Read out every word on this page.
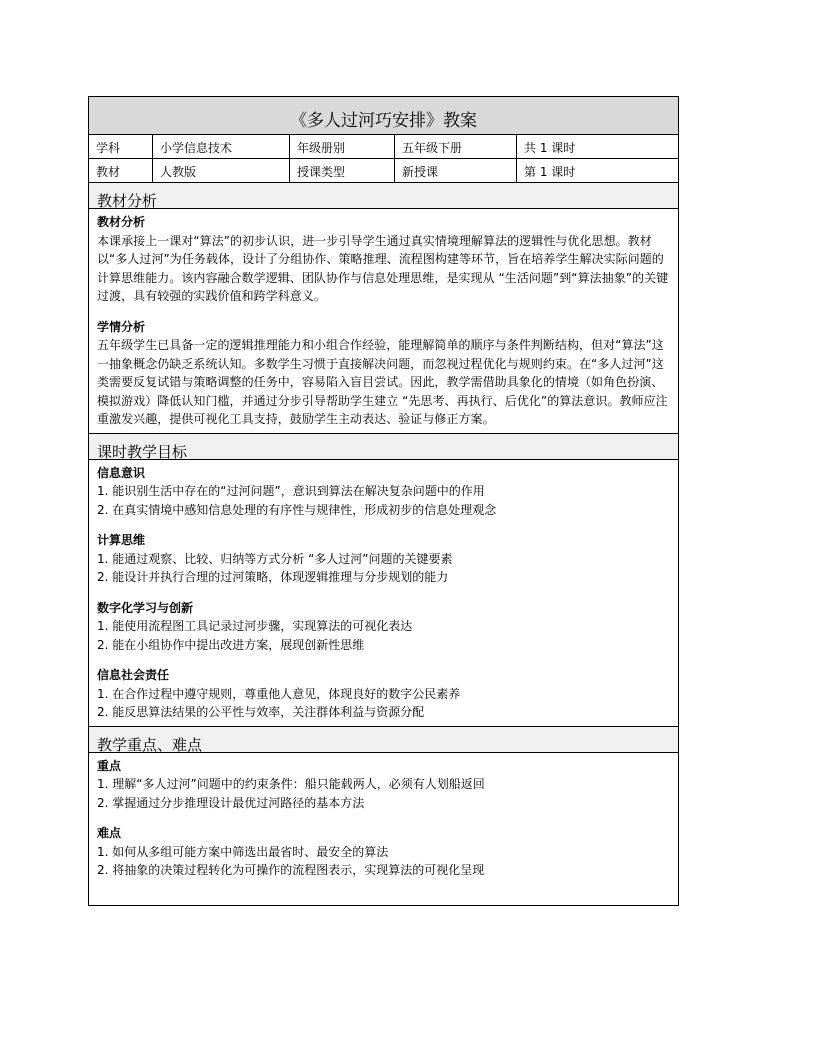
《多人过河巧安排》教案
学科	小学信息技术	年级册别	五年级下册	共 1 课时
教材	人教版	授课类型	新授课	第 1 课时
教材分析
教材分析
本课承接上一课对“算法”的初步认识，进一步引导学生通过真实情境理解算法的逻辑性与优化思想。教材以“多人过河”为任务载体，设计了分组协作、策略推理、流程图构建等环节，旨在培养学生解决实际问题的计算思维能力。该内容融合数学逻辑、团队协作与信息处理思维，是实现从 “生活问题”到“算法抽象”的关键过渡，具有较强的实践价值和跨学科意义。
学情分析
五年级学生已具备一定的逻辑推理能力和小组合作经验，能理解简单的顺序与条件判断结构，但对“算法”这一抽象概念仍缺乏系统认知。多数学生习惯于直接解决问题，而忽视过程优化与规则约束。在“多人过河”这类需要反复试错与策略调整的任务中，容易陷入盲目尝试。因此，教学需借助具象化的情境（如角色扮演、模拟游戏）降低认知门槛，并通过分步引导帮助学生建立 “先思考、再执行、后优化”的算法意识。教师应注重激发兴趣，提供可视化工具支持，鼓励学生主动表达、验证与修正方案。
课时教学目标
信息意识
1. 能识别生活中存在的“过河问题”，意识到算法在解决复杂问题中的作用
2. 在真实情境中感知信息处理的有序性与规律性，形成初步的信息处理观念
计算思维
1. 能通过观察、比较、归纳等方式分析 “多人过河”问题的关键要素
2. 能设计并执行合理的过河策略，体现逻辑推理与分步规划的能力
数字化学习与创新
1. 能使用流程图工具记录过河步骤，实现算法的可视化表达
2. 能在小组协作中提出改进方案，展现创新性思维
信息社会责任
1. 在合作过程中遵守规则，尊重他人意见，体现良好的数字公民素养
2. 能反思算法结果的公平性与效率，关注群体利益与资源分配
教学重点、难点
重点
1. 理解“多人过河”问题中的约束条件：船只能载两人，必须有人划船返回
2. 掌握通过分步推理设计最优过河路径的基本方法
难点
1. 如何从多组可能方案中筛选出最省时、最安全的算法
2. 将抽象的决策过程转化为可操作的流程图表示，实现算法的可视化呈现
